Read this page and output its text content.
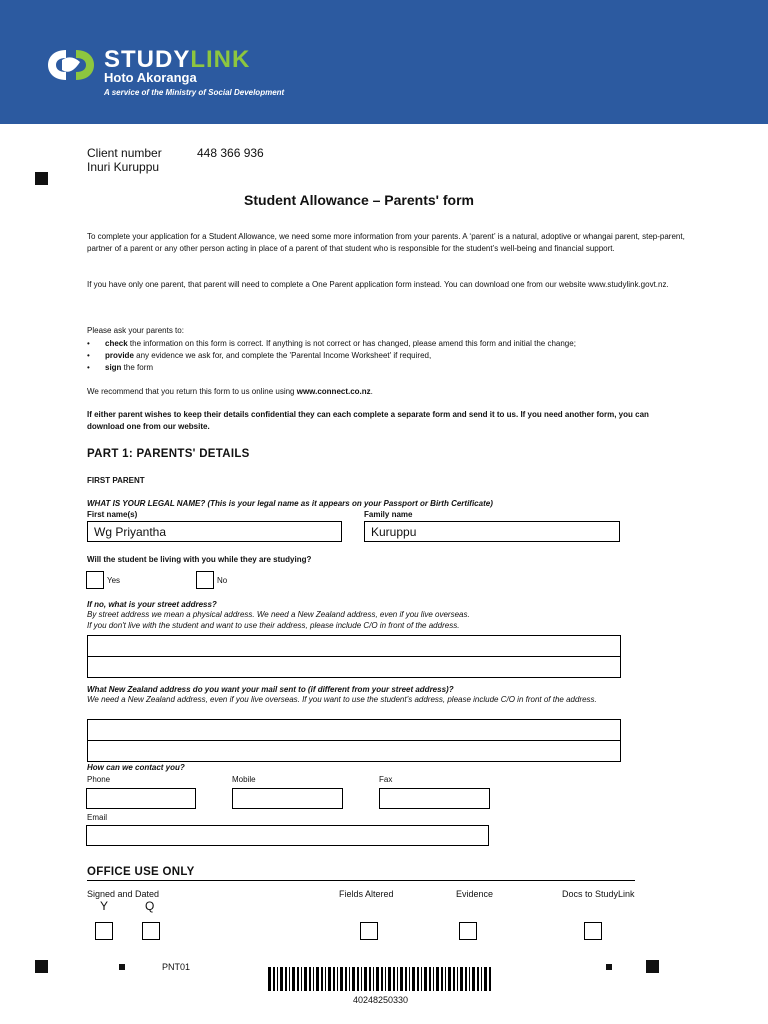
STUDYLINK
Hoto Akoranga
A service of the Ministry of Social Development
Client number	448 366 936
Inuri Kuruppu
Student Allowance – Parents' form
To complete your application for a Student Allowance, we need some more information from your parents. A ‘parent’ is a natural, adoptive or whangai parent, step-parent, partner of a parent or any other person acting in place of a parent of that student who is responsible for the student’s well-being and financial support.
If you have only one parent, that parent will need to complete a One Parent application form instead. You can download one from our website www.studylink.govt.nz.
Please ask your parents to:
• check the information on this form is correct. If anything is not correct or has changed, please amend this form and initial the change;
• provide any evidence we ask for, and complete the 'Parental Income Worksheet' if required,
• sign the form
We recommend that you return this form to us online using www.connect.co.nz.
If either parent wishes to keep their details confidential they can each complete a separate form and send it to us. If you need another form, you can download one from our website.
PART 1: PARENTS' DETAILS
FIRST PARENT
WHAT IS YOUR LEGAL NAME? (This is your legal name as it appears on your Passport or Birth Certificate)
First name(s)	Family name
Wg Priyantha	Kuruppu
Will the student be living with you while they are studying?
Yes	No
If no, what is your street address?
By street address we mean a physical address. We need a New Zealand address, even if you live overseas.
If you don't live with the student and want to use their address, please include C/O in front of the address.
What New Zealand address do you want your mail sent to (if different from your street address)?
We need a New Zealand address, even if you live overseas. If you want to use the student’s address, please include C/O in front of the address.
How can we contact you?
Phone	Mobile	Fax
Email
OFFICE USE ONLY
Signed and Dated
Y	Q
Fields Altered	Evidence	Docs to StudyLink
PNT01
40248250330
